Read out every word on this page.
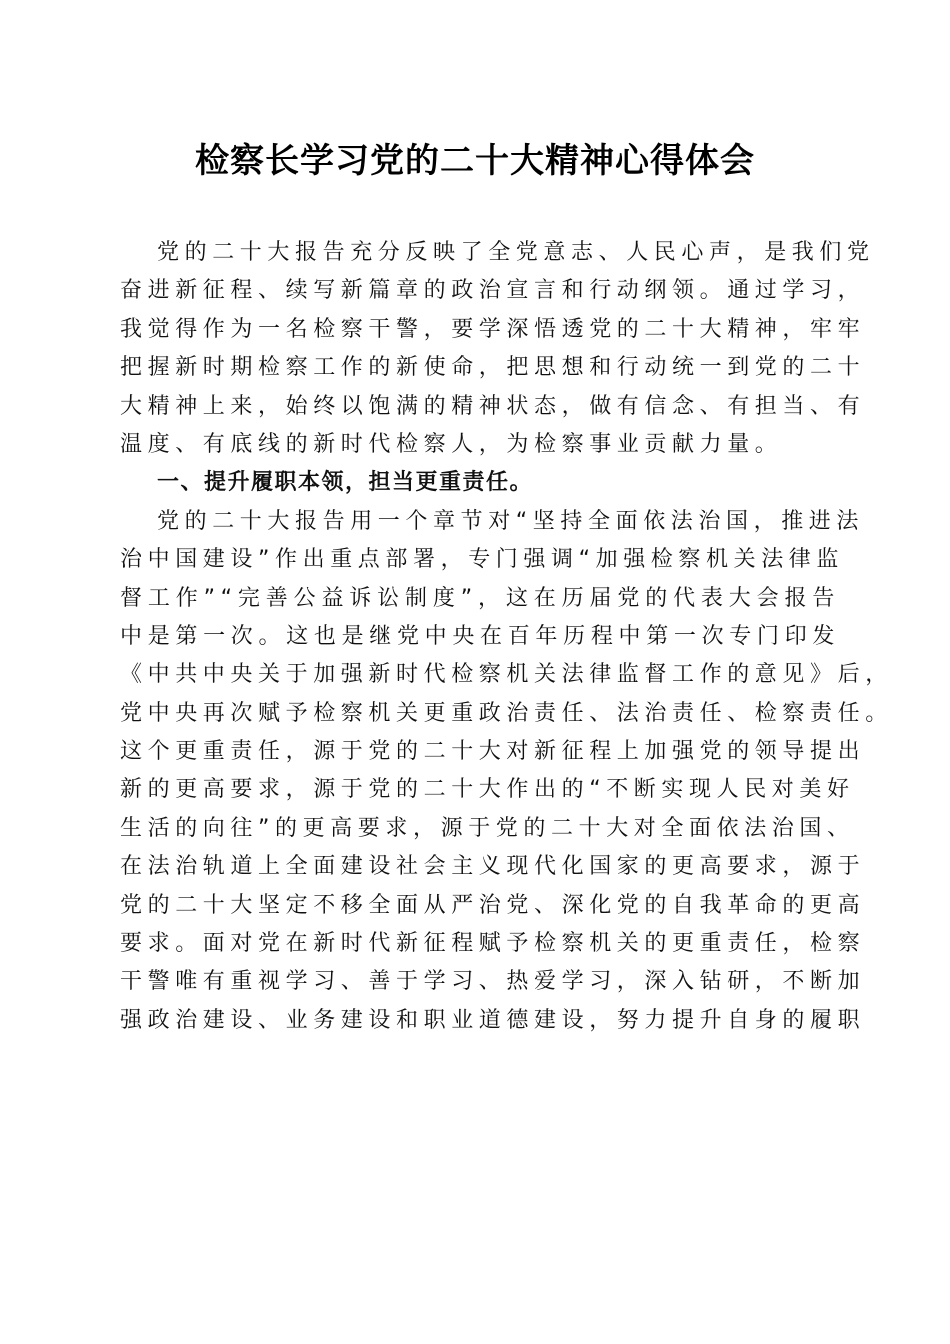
检察长学习党的二十大精神心得体会
党的二十大报告充分反映了全党意志、人民心声，是我们党
奋进新征程、续写新篇章的政治宣言和行动纲领。通过学习，
我觉得作为一名检察干警，要学深悟透党的二十大精神，牢牢
把握新时期检察工作的新使命，把思想和行动统一到党的二十
大精神上来，始终以饱满的精神状态，做有信念、有担当、有
温度、有底线的新时代检察人，为检察事业贡献力量。
一、提升履职本领，担当更重责任。
党的二十大报告用一个章节对“坚持全面依法治国，推进法
治中国建设”作出重点部署，专门强调“加强检察机关法律监
督工作”“完善公益诉讼制度”，这在历届党的代表大会报告
中是第一次。这也是继党中央在百年历程中第一次专门印发
《中共中央关于加强新时代检察机关法律监督工作的意见》后，
党中央再次赋予检察机关更重政治责任、法治责任、检察责任。
这个更重责任，源于党的二十大对新征程上加强党的领导提出
新的更高要求，源于党的二十大作出的“不断实现人民对美好
生活的向往”的更高要求，源于党的二十大对全面依法治国、
在法治轨道上全面建设社会主义现代化国家的更高要求，源于
党的二十大坚定不移全面从严治党、深化党的自我革命的更高
要求。面对党在新时代新征程赋予检察机关的更重责任，检察
干警唯有重视学习、善于学习、热爱学习，深入钻研，不断加
强政治建设、业务建设和职业道德建设，努力提升自身的履职
